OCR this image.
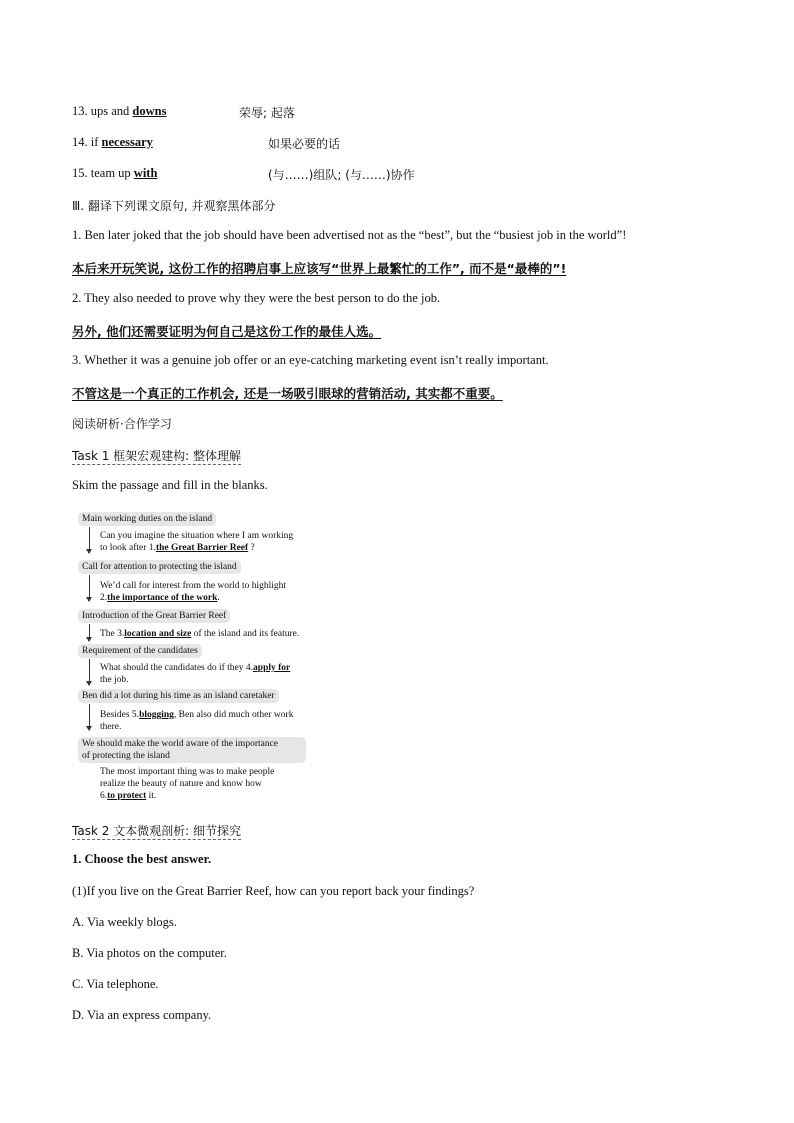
13. ups and downs	荣辱; 起落
14. if necessary	如果必要的话
15. team up with	(与……)组队; (与……)协作
Ⅲ. 翻译下列课文原句, 并观察黑体部分
1. Ben later joked that the job should have been advertised not as the “best”, but the “busiest job in the world”!
本后来开玩笑说, 这份工作的招聘启事上应该写“世界上最繁忙的工作”, 而不是“最棒的”!
2. They also needed to prove why they were the best person to do the job.
另外, 他们还需要证明为何自己是这份工作的最佳人选。
3. Whether it was a genuine job offer or an eye-catching marketing event isn’t really important.
不管这是一个真正的工作机会, 还是一场吸引眼球的营销活动, 其实都不重要。
阅读研析·合作学习
Task 1 框架宏观建构: 整体理解
Skim the passage and fill in the blanks.
Main working duties on the island
Can you imagine the situation where I am working
to look after 1.the Great Barrier Reef ?
Call for attention to protecting the island
We’d call for interest from the world to highlight
2.the importance of the work.
Introduction of the Great Barrier Reef
The 3.location and size of the island and its feature.
Requirement of the candidates
What should the candidates do if they 4.apply for
the job.
Ben did a lot during his time as an island caretaker
Besides 5.blogging, Ben also did much other work
there.
We should make the world aware of the importance
of protecting the island
The most important thing was to make people
realize the beauty of nature and know how
6.to protect it.
Task 2 文本微观剖析: 细节探究
1. Choose the best answer.
(1)If you live on the Great Barrier Reef, how can you report back your findings?
A. Via weekly blogs.
B. Via photos on the computer.
C. Via telephone.
D. Via an express company.
